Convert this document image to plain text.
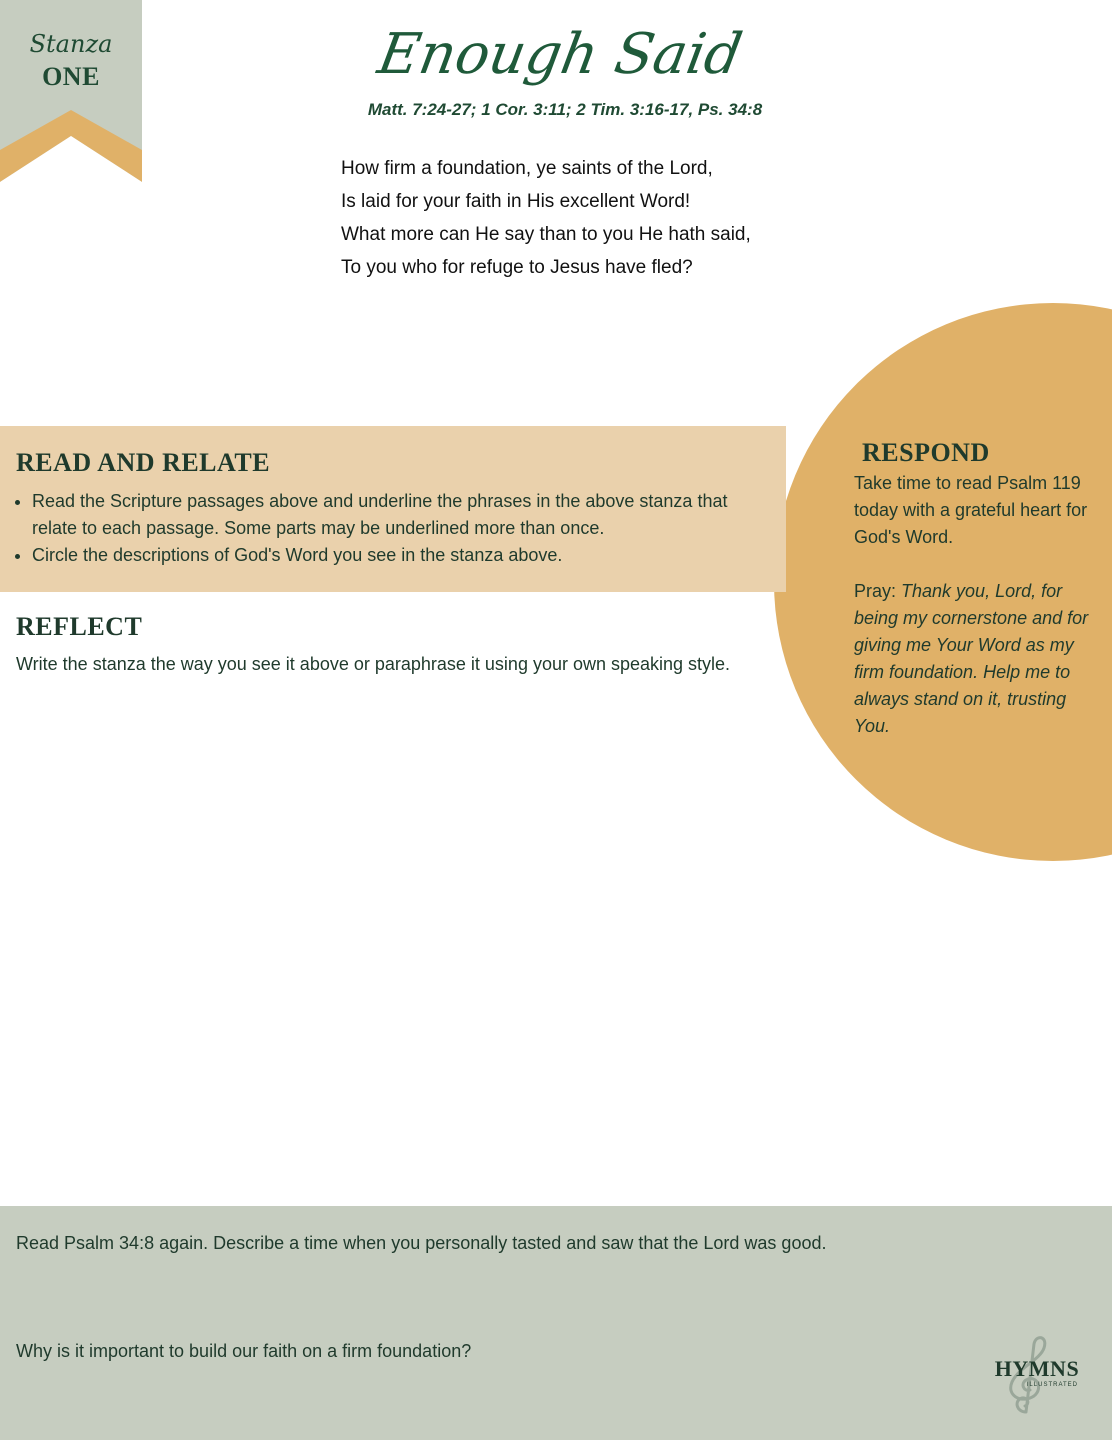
Stanza
ONE	Enough Said
Matt. 7:24-27; 1 Cor. 3:11; 2 Tim. 3:16-17, Ps. 34:8
How firm a foundation, ye saints of the Lord,
Is laid for your faith in His excellent Word!
What more can He say than to you He hath said,
To you who for refuge to Jesus have fled?
READ AND RELATE
• Read the Scripture passages above and underline the phrases in the above stanza that relate to each passage. Some parts may be underlined more than once.
• Circle the descriptions of God's Word you see in the stanza above.
REFLECT
Write the stanza the way you see it above or paraphrase it using your own speaking style.
RESPOND

Take time to read Psalm 119 today with a grateful heart for God's Word.

Pray: Thank you, Lord, for being my cornerstone and for giving me Your Word as my firm foundation. Help me to always stand on it, trusting You.

Read Psalm 34:8 again. Describe a time when you personally tasted and saw that the Lord was good.
Why is it important to build our faith on a firm foundation?
HYMNS
ILLUSTRATED
